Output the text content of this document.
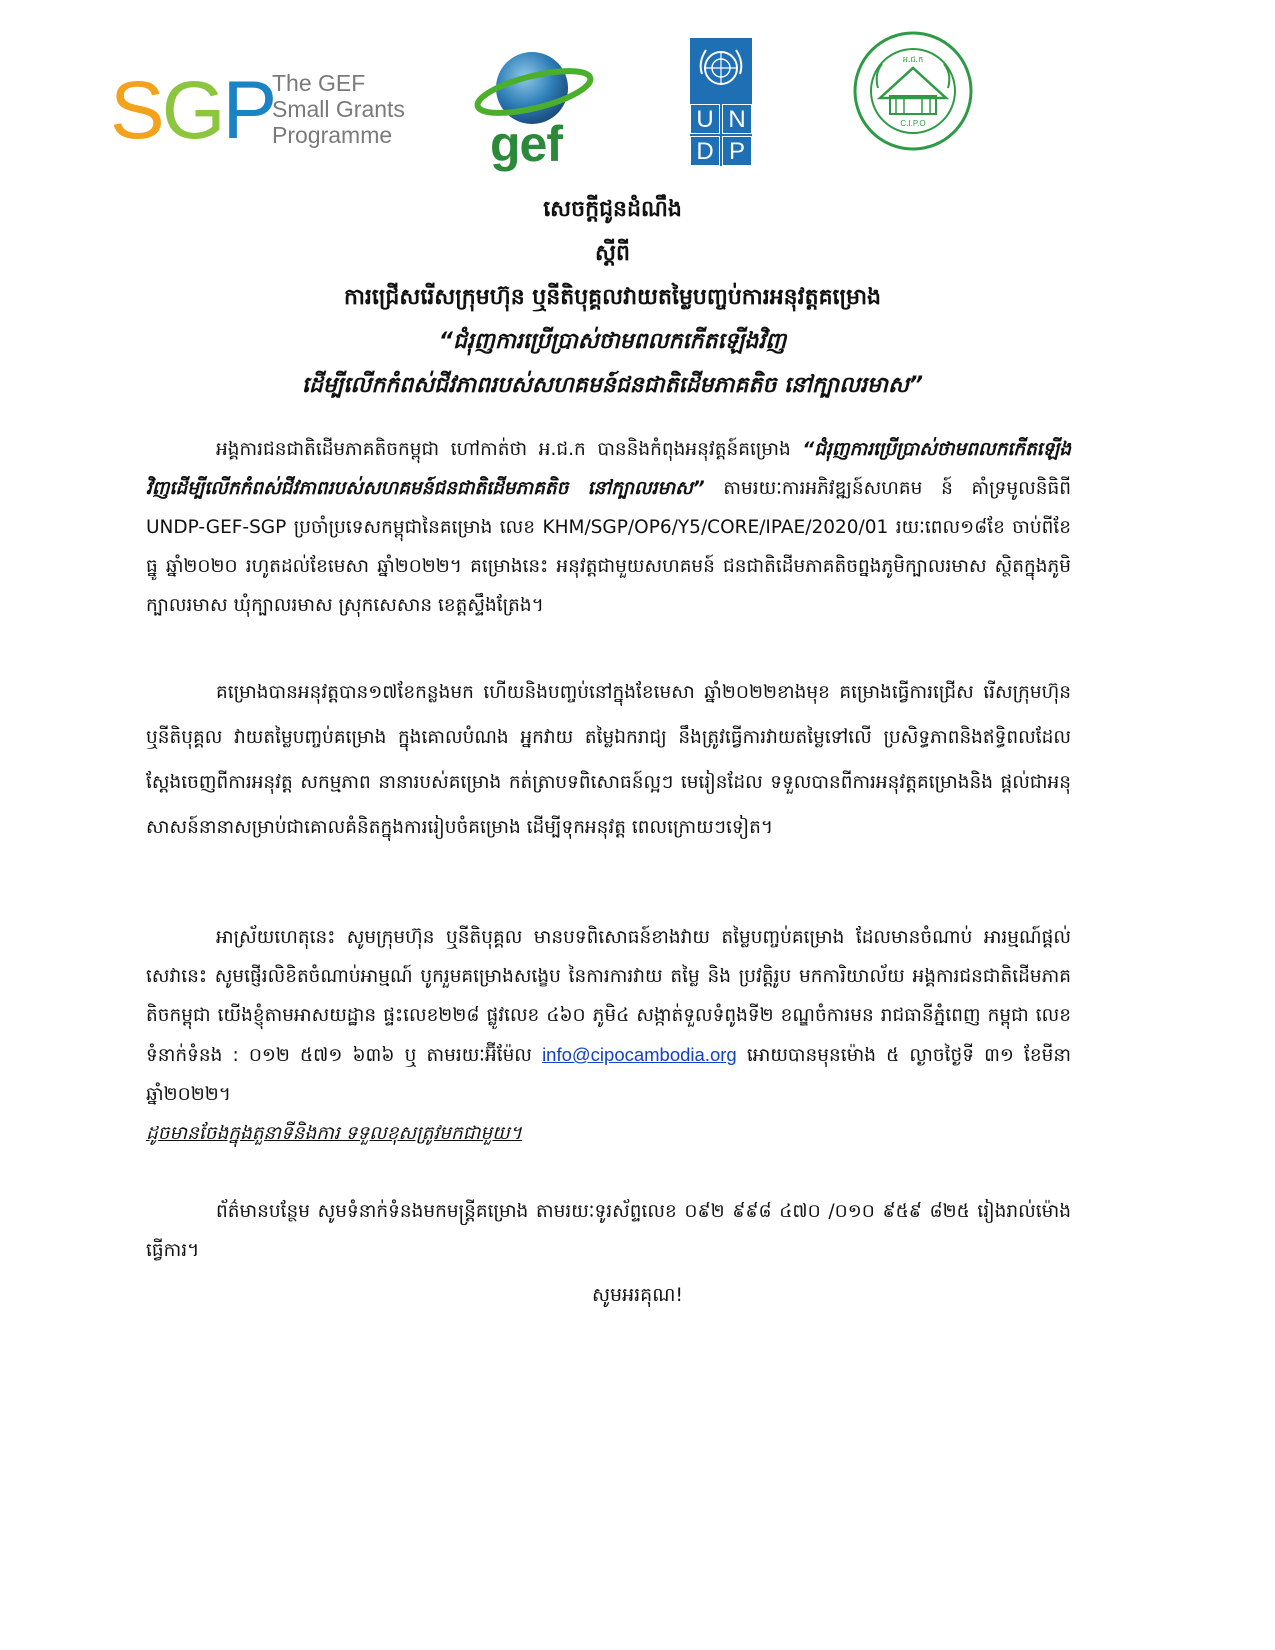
SGP
The GEF
Small Grants
Programme	gef	U N
D P
អ.ជ.ក
C.I.P.O
សេចក្តីជូនដំណឹង
ស្តីពី
ការជ្រើសរើសក្រុមហ៊ុន ឬនីតិបុគ្គលវាយតម្លៃបញ្ចប់ការអនុវត្តគម្រោង
“ជំរុញការប្រើប្រាស់ថាមពលកកើតឡើងវិញ
ដើម្បីលើកកំពស់ជីវភាពរបស់សហគមន៍ជនជាតិដើមភាគតិច នៅក្បាលរមាស”
អង្គការជនជាតិដើមភាគតិចកម្ពុជា ហៅកាត់ថា អ.ជ.ក បាននិងកំពុងអនុវត្តន៍គម្រោង “ជំរុញការប្រើប្រាស់ថាមពលកកើតឡើងវិញដើម្បីលើកកំពស់ជីវភាពរបស់សហគមន៍ជនជាតិដើមភាគតិច នៅក្បាលរមាស” តាមរយៈការអភិវឌ្ឍន៍សហគម ន៍ គាំទ្រមូលនិធិពី UNDP-GEF-SGP ប្រចាំប្រទេសកម្ពុជានៃគម្រោង លេខ KHM/SGP/OP6/Y5/CORE/IPAE/2020/01 រយៈពេល១៨ខែ ចាប់ពីខែធ្នូ ឆ្នាំ២០២០ រហូតដល់ខែមេសា ឆ្នាំ២០២២។ គម្រោងនេះ អនុវត្តជាមួយសហគមន៍ ជនជាតិដើមភាគតិចព្នងភូមិក្បាលរមាស ស្ថិតក្នុងភូមិក្បាលរមាស ឃុំក្បាលរមាស ស្រុកសេសាន ខេត្តស្ទឹងត្រែង។
គម្រោងបានអនុវត្តបាន១៧ខែកន្លងមក ហើយនិងបញ្ចប់នៅក្នុងខែមេសា ឆ្នាំ២០២២ខាងមុខ គម្រោងធ្វើការជ្រើស រើសក្រុមហ៊ុន ឬនីតិបុគ្គល វាយតម្លៃបញ្ចប់គម្រោង ក្នុងគោលបំណង អ្នកវាយ តម្លៃឯករាជ្យ នឹងត្រូវធ្វើការវាយតម្លៃទៅលើ ប្រសិទ្ធភាពនិងឥទ្ធិពលដែលស្តែងចេញពីការអនុវត្ត សកម្មភាព នានារបស់គម្រោង កត់ត្រាបទពិសោធន៍ល្អៗ មេរៀនដែល ទទួលបានពីការអនុវត្តគម្រោងនិង ផ្តល់ជាអនុសាសន៍នានាសម្រាប់ជាគោលគំនិតក្នុងការរៀបចំគម្រោង ដើម្បីទុកអនុវត្ត ពេលក្រោយៗទៀត។
អាស្រ័យហេតុនេះ សូមក្រុមហ៊ុន ឬនីតិបុគ្គល មានបទពិសោធន៍ខាងវាយ តម្លៃបញ្ចប់គម្រោង ដែលមានចំណាប់ អារម្មណ៍ផ្តល់សេវានេះ សូមផ្ញើរលិខិតចំណាប់អាម្មណ៍ បូករួមគម្រោងសង្ខេប នៃការការវាយ តម្លៃ និង ប្រវត្តិរូប មកការិយាល័យ អង្គការជនជាតិដើមភាគតិចកម្ពុជា យើងខ្ញុំតាមអាសយដ្ឋាន ផ្ទះលេខ២២៨ ផ្លូវលេខ ៤៦០ ភូមិ៤ សង្កាត់ទួលទំពូងទី២ ខណ្ឌចំការមន រាជធានីភ្នំពេញ កម្ពុជា លេខទំនាក់ទំនង : ០១២ ៥៧១ ៦៣៦ ឬ តាមរយៈអ៊ីម៉ែល info@cipocambodia.org អោយបានមុនម៉ោង ៥ ល្ងាចថ្ងៃទី ៣១ ខែមីនា ឆ្នាំ២០២២។
ដូចមានចែងក្នុងតួនាទីនិងការ ទទួលខុសត្រូវមកជាមួយ។
ព័ត៌មានបន្ថែម សូមទំនាក់ទំនងមកមន្ត្រីគម្រោង តាមរយៈទូរស័ព្ទលេខ ០៩២ ៩៩៨ ៤៧០ /០១០ ៩៥៩ ៨២៥ រៀងរាល់ម៉ោងធ្វើការ។
សូមអរគុណ!
